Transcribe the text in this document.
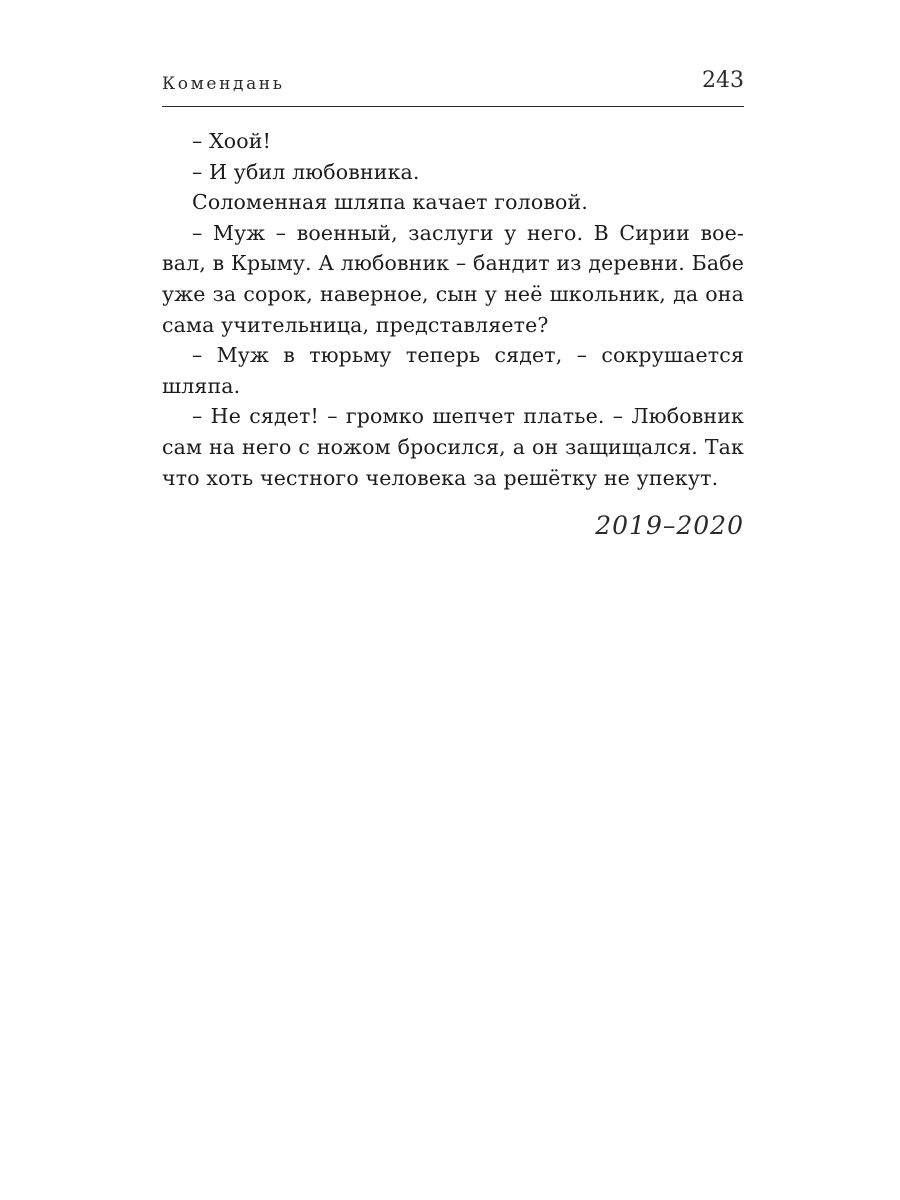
Комендань	243
– Хоой!
– И убил любовника.
Соломенная шляпа качает головой.
– Муж – военный, заслуги у него. В Сирии вое-
вал, в Крыму. А любовник – бандит из деревни. Бабе
уже за сорок, наверное, сын у неё школьник, да она
сама учительница, представляете?
– Муж в тюрьму теперь сядет, – сокрушается
шляпа.
– Не сядет! – громко шепчет платье. – Любовник
сам на него с ножом бросился, а он защищался. Так
что хоть честного человека за решётку не упекут.
2019–2020
